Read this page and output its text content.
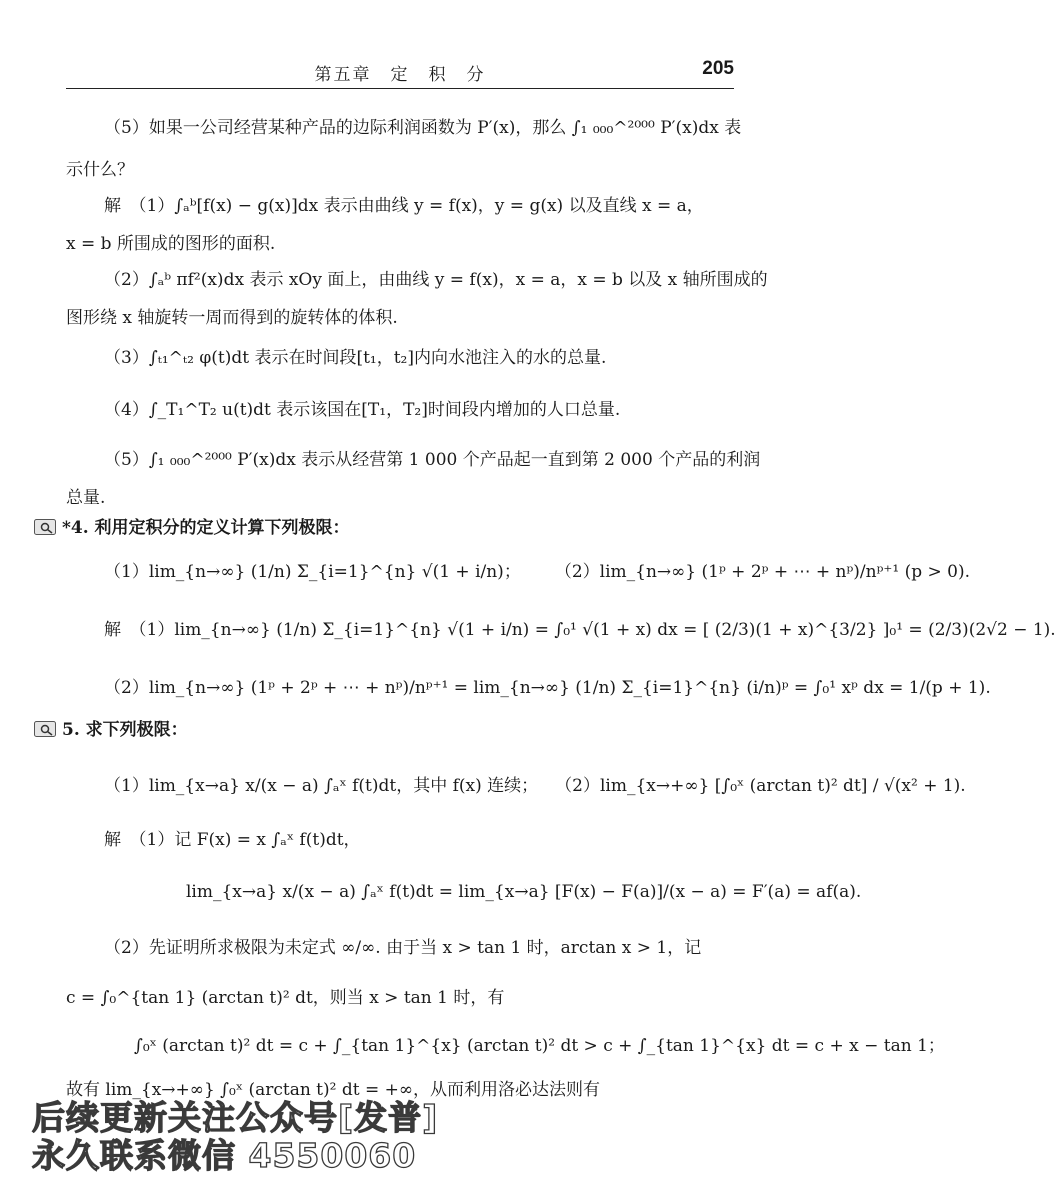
第五章　定　积　分	205
（5）如果一公司经营某种产品的边际利润函数为 P′(x)，那么 ∫₁ ₀₀₀^²⁰⁰⁰ P′(x)dx 表
示什么？
解　（1）∫ₐᵇ[f(x) − g(x)]dx 表示由曲线 y = f(x)，y = g(x) 以及直线 x = a，
x = b 所围成的图形的面积.
（2）∫ₐᵇ πf²(x)dx 表示 xOy 面上，由曲线 y = f(x)，x = a，x = b 以及 x 轴所围成的
图形绕 x 轴旋转一周而得到的旋转体的体积.
（3）∫ₜ₁^ₜ₂ φ(t)dt 表示在时间段[t₁，t₂]内向水池注入的水的总量.
（4）∫_T₁^T₂ u(t)dt 表示该国在[T₁，T₂]时间段内增加的人口总量.
（5）∫₁ ₀₀₀^²⁰⁰⁰ P′(x)dx 表示从经营第 1 000 个产品起一直到第 2 000 个产品的利润
总量.
*4. 利用定积分的定义计算下列极限：
（1）lim_{n→∞} (1/n) Σ_{i=1}^{n} √(1 + i/n)；　　　（2）lim_{n→∞} (1ᵖ + 2ᵖ + ⋯ + nᵖ)/nᵖ⁺¹ (p > 0).
解　（1）lim_{n→∞} (1/n) Σ_{i=1}^{n} √(1 + i/n) = ∫₀¹ √(1 + x) dx = [ (2/3)(1 + x)^{3/2} ]₀¹ = (2/3)(2√2 − 1).
（2）lim_{n→∞} (1ᵖ + 2ᵖ + ⋯ + nᵖ)/nᵖ⁺¹ = lim_{n→∞} (1/n) Σ_{i=1}^{n} (i/n)ᵖ = ∫₀¹ xᵖ dx = 1/(p + 1).
5. 求下列极限：
（1）lim_{x→a} x/(x − a) ∫ₐˣ f(t)dt，其中 f(x) 连续；　　（2）lim_{x→+∞} [∫₀ˣ (arctan t)² dt] / √(x² + 1).
解　（1）记 F(x) = x ∫ₐˣ f(t)dt，
lim_{x→a} x/(x − a) ∫ₐˣ f(t)dt = lim_{x→a} [F(x) − F(a)]/(x − a) = F′(a) = af(a).
（2）先证明所求极限为未定式 ∞/∞. 由于当 x > tan 1 时，arctan x > 1，记
c = ∫₀^{tan 1} (arctan t)² dt，则当 x > tan 1 时，有
∫₀ˣ (arctan t)² dt = c + ∫_{tan 1}^{x} (arctan t)² dt > c + ∫_{tan 1}^{x} dt = c + x − tan 1；
故有 lim_{x→+∞} ∫₀ˣ (arctan t)² dt = +∞，从而利用洛必达法则有
后续更新关注公众号[发普]
永久联系微信 4550060
